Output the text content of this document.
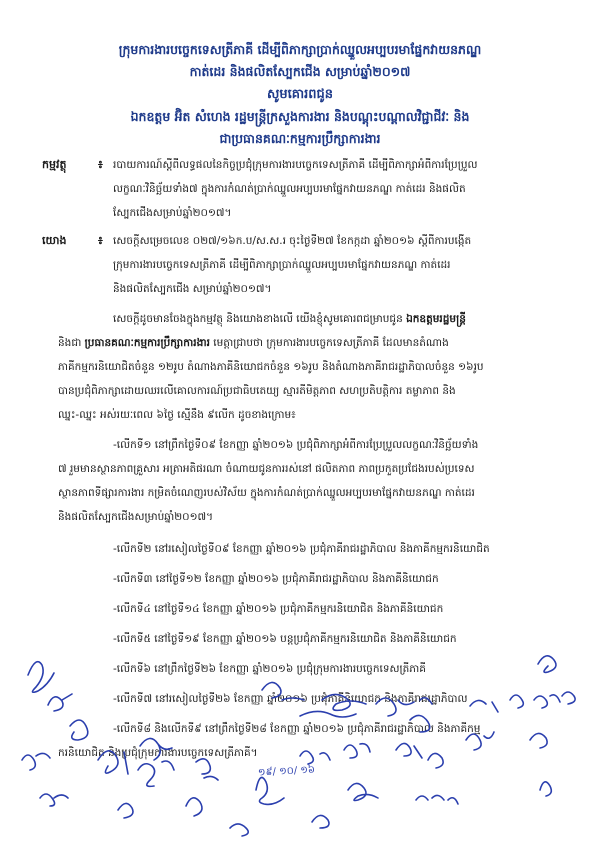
ក្រុមការងារបច្ចេកទេសត្រីភាគី ដើម្បីពិភាក្សាប្រាក់ឈ្នួលអប្បបរមាផ្នែកវាយនភណ្ឌ
កាត់ដេរ និងផលិតស្បែកជើង សម្រាប់ឆ្នាំ២០១៧
សូមគោរពជូន
ឯកឧត្តម អ៊ិត សំហេង រដ្ឋមន្ត្រីក្រសួងការងារ និងបណ្តុះបណ្តាលវិជ្ជាជីវៈ និង
ជាប្រធានគណៈកម្មការប្រឹក្សាការងារ
កម្មវត្ថុ	៖ របាយការណ៍ស្តីពីលទ្ធផលនៃកិច្ចប្រជុំក្រុមការងារបច្ចេកទេសត្រីភាគី ដើម្បីពិភាក្សាអំពីការប្រែប្រួល
លក្ខណៈវិនិច្ឆ័យទាំង៧ ក្នុងការកំណត់ប្រាក់ឈ្នួលអប្បបរមាផ្នែកវាយនភណ្ឌ កាត់ដេរ និងផលិត
ស្បែកជើងសម្រាប់ឆ្នាំ២០១៧។
យោង	៖ សេចក្តីសម្រេចលេខ ០២៧/១៦ក.ប/ស.ស.រ ចុះថ្ងៃទី២៧ ខែកក្កដា ឆ្នាំ២០១៦ ស្តីពីការបង្កើត
ក្រុមការងារបច្ចេកទេសត្រីភាគី ដើម្បីពិភាក្សាប្រាក់ឈ្នួលអប្បបរមាផ្នែកវាយនភណ្ឌ កាត់ដេរ
និងផលិតស្បែកជើង សម្រាប់ឆ្នាំ២០១៧។
សេចក្តីដូចមានចែងក្នុងកម្មវត្ថុ និងយោងខាងលើ យើងខ្ញុំសូមគោរពជម្រាបជូន ឯកឧត្តមរដ្ឋមន្ត្រី
និងជា ប្រធានគណៈកម្មការប្រឹក្សាការងារ មេត្តាជ្រាបថា ក្រុមការងារបច្ចេកទេសត្រីភាគី ដែលមានតំណាង
ភាគីកម្មករនិយោជិតចំនួន ១២រូប តំណាងភាគីនិយោជកចំនួន ១៦រូប និងតំណាងភាគីរាជរដ្ឋាភិបាលចំនួន ១៦រូប
បានប្រជុំពិភាក្សាដោយឈរលើគោលការណ៍ប្រជាធិបតេយ្យ ស្មារតីមិត្តភាព សហប្រតិបត្តិការ តម្លាភាព និង
ឈ្នះ-ឈ្នះ អស់រយៈពេល ៦ថ្ងៃ ស្មើនឹង ៩លើក ដូចខាងក្រោម៖
-លើកទី១ នៅព្រឹកថ្ងៃទី០៩ ខែកញ្ញា ឆ្នាំ២០១៦ ប្រជុំពិភាក្សាអំពីការប្រែប្រួលលក្ខណៈវិនិច្ឆ័យទាំង
៧ រួមមានស្ថានភាពគ្រួសារ អត្រាអតិផរណា ចំណាយជូនការរស់នៅ ផលិតភាព ភាពប្រកួតប្រជែងរបស់ប្រទេស
ស្ថានភាពទីផ្សារការងារ កម្រិតចំណេញរបស់វិស័យ ក្នុងការកំណត់ប្រាក់ឈ្នួលអប្បបរមាផ្នែកវាយនភណ្ឌ កាត់ដេរ
និងផលិតស្បែកជើងសម្រាប់ឆ្នាំ២០១៧។
-លើកទី២ នៅរសៀលថ្ងៃទី០៩ ខែកញ្ញា ឆ្នាំ២០១៦ ប្រជុំភាគីរាជរដ្ឋាភិបាល និងភាគីកម្មករនិយោជិត
-លើកទី៣ នៅថ្ងៃទី១២ ខែកញ្ញា ឆ្នាំ២០១៦ ប្រជុំភាគីរាជរដ្ឋាភិបាល និងភាគីនិយោជក
-លើកទី៤ នៅថ្ងៃទី១៤ ខែកញ្ញា ឆ្នាំ២០១៦ ប្រជុំភាគីកម្មករនិយោជិត និងភាគីនិយោជក
-លើកទី៥ នៅថ្ងៃទី១៩ ខែកញ្ញា ឆ្នាំ២០១៦ បន្តប្រជុំភាគីកម្មករនិយោជិត និងភាគីនិយោជក
-លើកទី៦ នៅព្រឹកថ្ងៃទី២៦ ខែកញ្ញា ឆ្នាំ២០១៦ ប្រជុំក្រុមការងារបច្ចេកទេសត្រីភាគី
-លើកទី៧ នៅរសៀលថ្ងៃទី២៦ ខែកញ្ញា ឆ្នាំ២០១៦ ប្រជុំភាគីនិយោជក និងភាគីរាជរដ្ឋាភិបាល
-លើកទី៨ និងលើកទី៩ នៅព្រឹកថ្ងៃទី២៨ ខែកញ្ញា ឆ្នាំ២០១៦ ប្រជុំភាគីរាជរដ្ឋាភិបាល និងភាគីកម្ម
ករនិយោជិត និងប្រជុំក្រុមការងារបច្ចេកទេសត្រីភាគី។
១៩/ ១០/ ១៦
